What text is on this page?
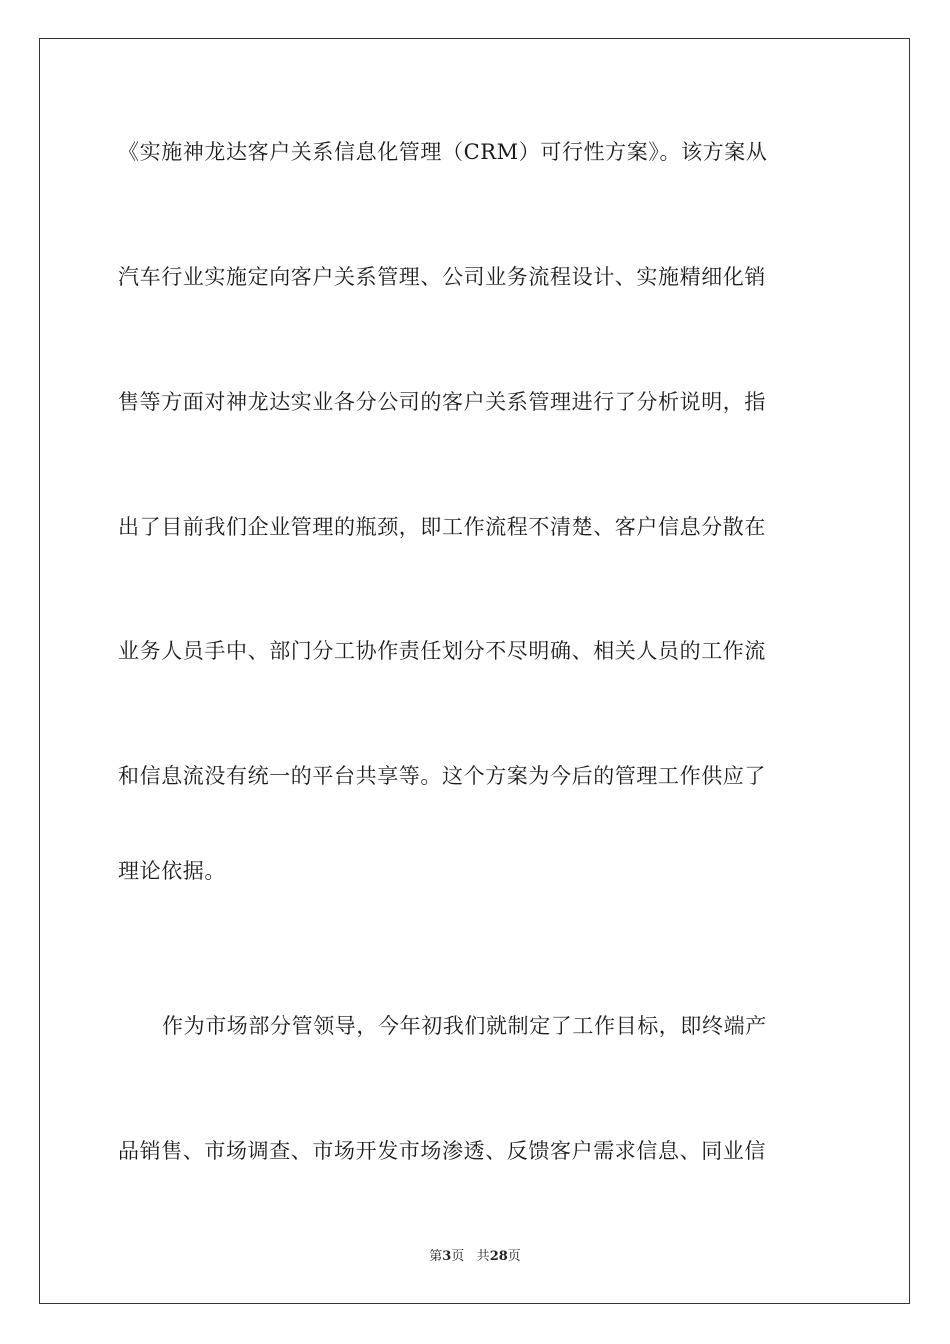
《实施神龙达客户关系信息化管理（CRM）可行性方案》。该方案从
汽车行业实施定向客户关系管理、公司业务流程设计、实施精细化销
售等方面对神龙达实业各分公司的客户关系管理进行了分析说明，指
出了目前我们企业管理的瓶颈，即工作流程不清楚、客户信息分散在
业务人员手中、部门分工协作责任划分不尽明确、相关人员的工作流
和信息流没有统一的平台共享等。这个方案为今后的管理工作供应了
理论依据。
作为市场部分管领导，今年初我们就制定了工作目标，即终端产
品销售、市场调查、市场开发市场渗透、反馈客户需求信息、同业信
第3页 共28页
